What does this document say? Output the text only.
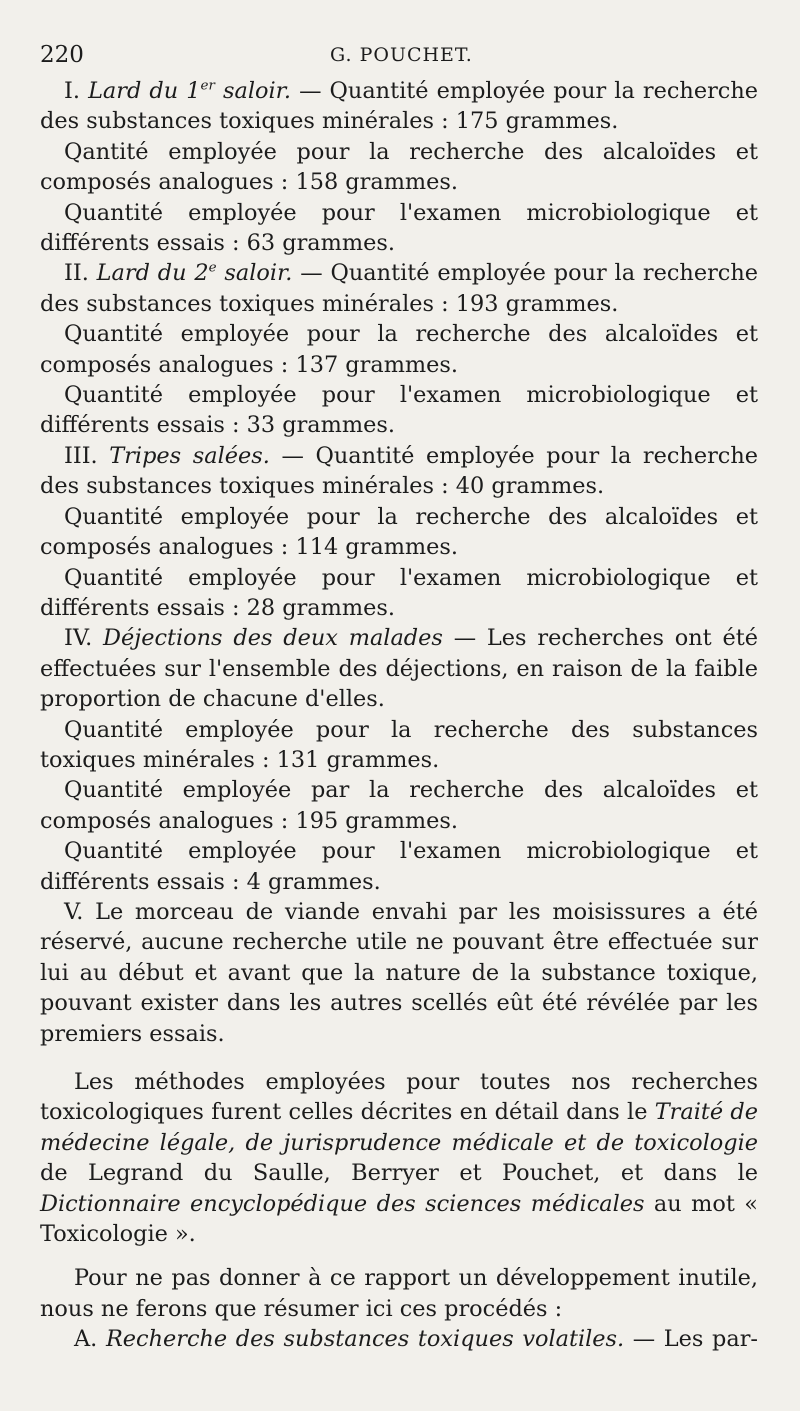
220	G. POUCHET.

I. Lard du 1er saloir. — Quantité employée pour la recherche des substances toxiques minérales : 175 grammes.

Qantité employée pour la recherche des alcaloïdes et composés analogues : 158 grammes.

Quantité employée pour l'examen microbiologique et différents essais : 63 grammes.

II. Lard du 2e saloir. — Quantité employée pour la recherche des substances toxiques minérales : 193 grammes.

Quantité employée pour la recherche des alcaloïdes et composés analogues : 137 grammes.

Quantité employée pour l'examen microbiologique et différents essais : 33 grammes.

III. Tripes salées. — Quantité employée pour la recherche des substances toxiques minérales : 40 grammes.

Quantité employée pour la recherche des alcaloïdes et composés analogues : 114 grammes.

Quantité employée pour l'examen microbiologique et différents essais : 28 grammes.

IV. Déjections des deux malades — Les recherches ont été effectuées sur l'ensemble des déjections, en raison de la faible proportion de chacune d'elles.

Quantité employée pour la recherche des substances toxiques minérales : 131 grammes.

Quantité employée par la recherche des alcaloïdes et composés analogues : 195 grammes.

Quantité employée pour l'examen microbiologique et différents essais : 4 grammes.

V. Le morceau de viande envahi par les moisissures a été réservé, aucune recherche utile ne pouvant être effectuée sur lui au début et avant que la nature de la substance toxique, pouvant exister dans les autres scellés eût été révélée par les premiers essais.

Les méthodes employées pour toutes nos recherches toxicologiques furent celles décrites en détail dans le Traité de médecine légale, de jurisprudence médicale et de toxicologie de Legrand du Saulle, Berryer et Pouchet, et dans le Dictionnaire encyclopédique des sciences médicales au mot « Toxicologie ».

Pour ne pas donner à ce rapport un développement inutile, nous ne ferons que résumer ici ces procédés :

A. Recherche des substances toxiques volatiles. — Les par-
